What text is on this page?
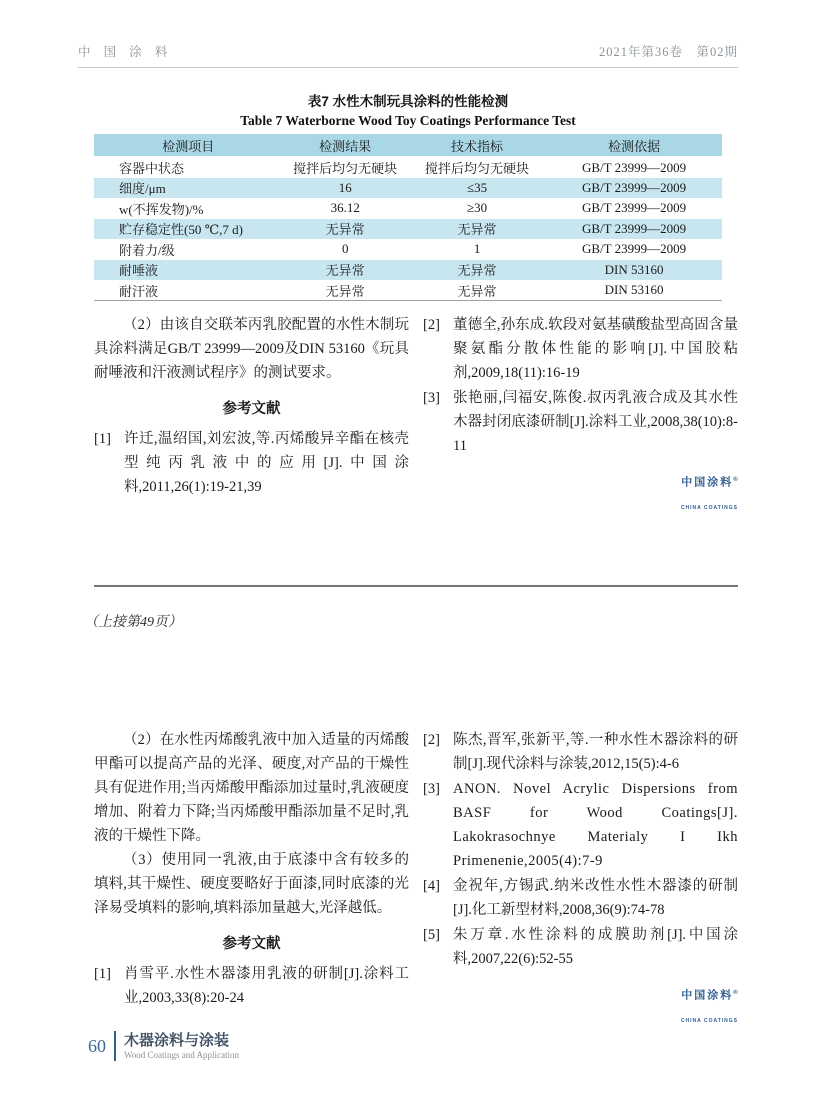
中 国 涂 料	2021年第36卷　第02期
表7 水性木制玩具涂料的性能检测
Table 7 Waterborne Wood Toy Coatings Performance Test
检测项目	检测结果	技术指标	检测依据
容器中状态	搅拌后均匀无硬块	搅拌后均匀无硬块	GB/T 23999—2009
细度/μm	16	≤35	GB/T 23999—2009
w(不挥发物)/%	36.12	≥30	GB/T 23999—2009
贮存稳定性(50 ℃,7 d)	无异常	无异常	GB/T 23999—2009
附着力/级	0	1	GB/T 23999—2009
耐唾液	无异常	无异常	DIN 53160
耐汗液	无异常	无异常	DIN 53160

（2）由该自交联苯丙乳胶配置的水性木制玩具涂料满足GB/T 23999—2009及DIN 53160《玩具耐唾液和汗液测试程序》的测试要求。

参考文献
[1] 许迁,温绍国,刘宏波,等.丙烯酸异辛酯在核壳型纯丙乳液中的应用[J].中国涂料,2011,26(1):19-21,39
[2] 董德全,孙东成.软段对氨基磺酸盐型高固含量聚氨酯分散体性能的影响[J].中国胶粘剂,2009,18(11):16-19
[3] 张艳丽,闫福安,陈俊.叔丙乳液合成及其水性木器封闭底漆研制[J].涂料工业,2008,38(10):8-11
中国涂料®
CHINA COATINGS
（上接第49页）

（2）在水性丙烯酸乳液中加入适量的丙烯酸甲酯可以提高产品的光泽、硬度,对产品的干燥性具有促进作用;当丙烯酸甲酯添加过量时,乳液硬度增加、附着力下降;当丙烯酸甲酯添加量不足时,乳液的干燥性下降。

（3）使用同一乳液,由于底漆中含有较多的填料,其干燥性、硬度要略好于面漆,同时底漆的光泽易受填料的影响,填料添加量越大,光泽越低。

参考文献
[1] 肖雪平.水性木器漆用乳液的研制[J].涂料工业,2003,33(8):20-24
[2] 陈杰,晋军,张新平,等.一种水性木器涂料的研制[J].现代涂料与涂装,2012,15(5):4-6
[3] ANON. Novel Acrylic Dispersions from BASF for Wood Coatings[J]. Lakokrasochnye Materialy I Ikh Primenenie,2005(4):7-9
[4] 金祝年,方锡武.纳米改性水性木器漆的研制[J].化工新型材料,2008,36(9):74-78
[5] 朱万章.水性涂料的成膜助剂[J].中国涂料,2007,22(6):52-55
中国涂料®
CHINA COATINGS
60 木器涂料与涂装
Wood Coatings and Application
